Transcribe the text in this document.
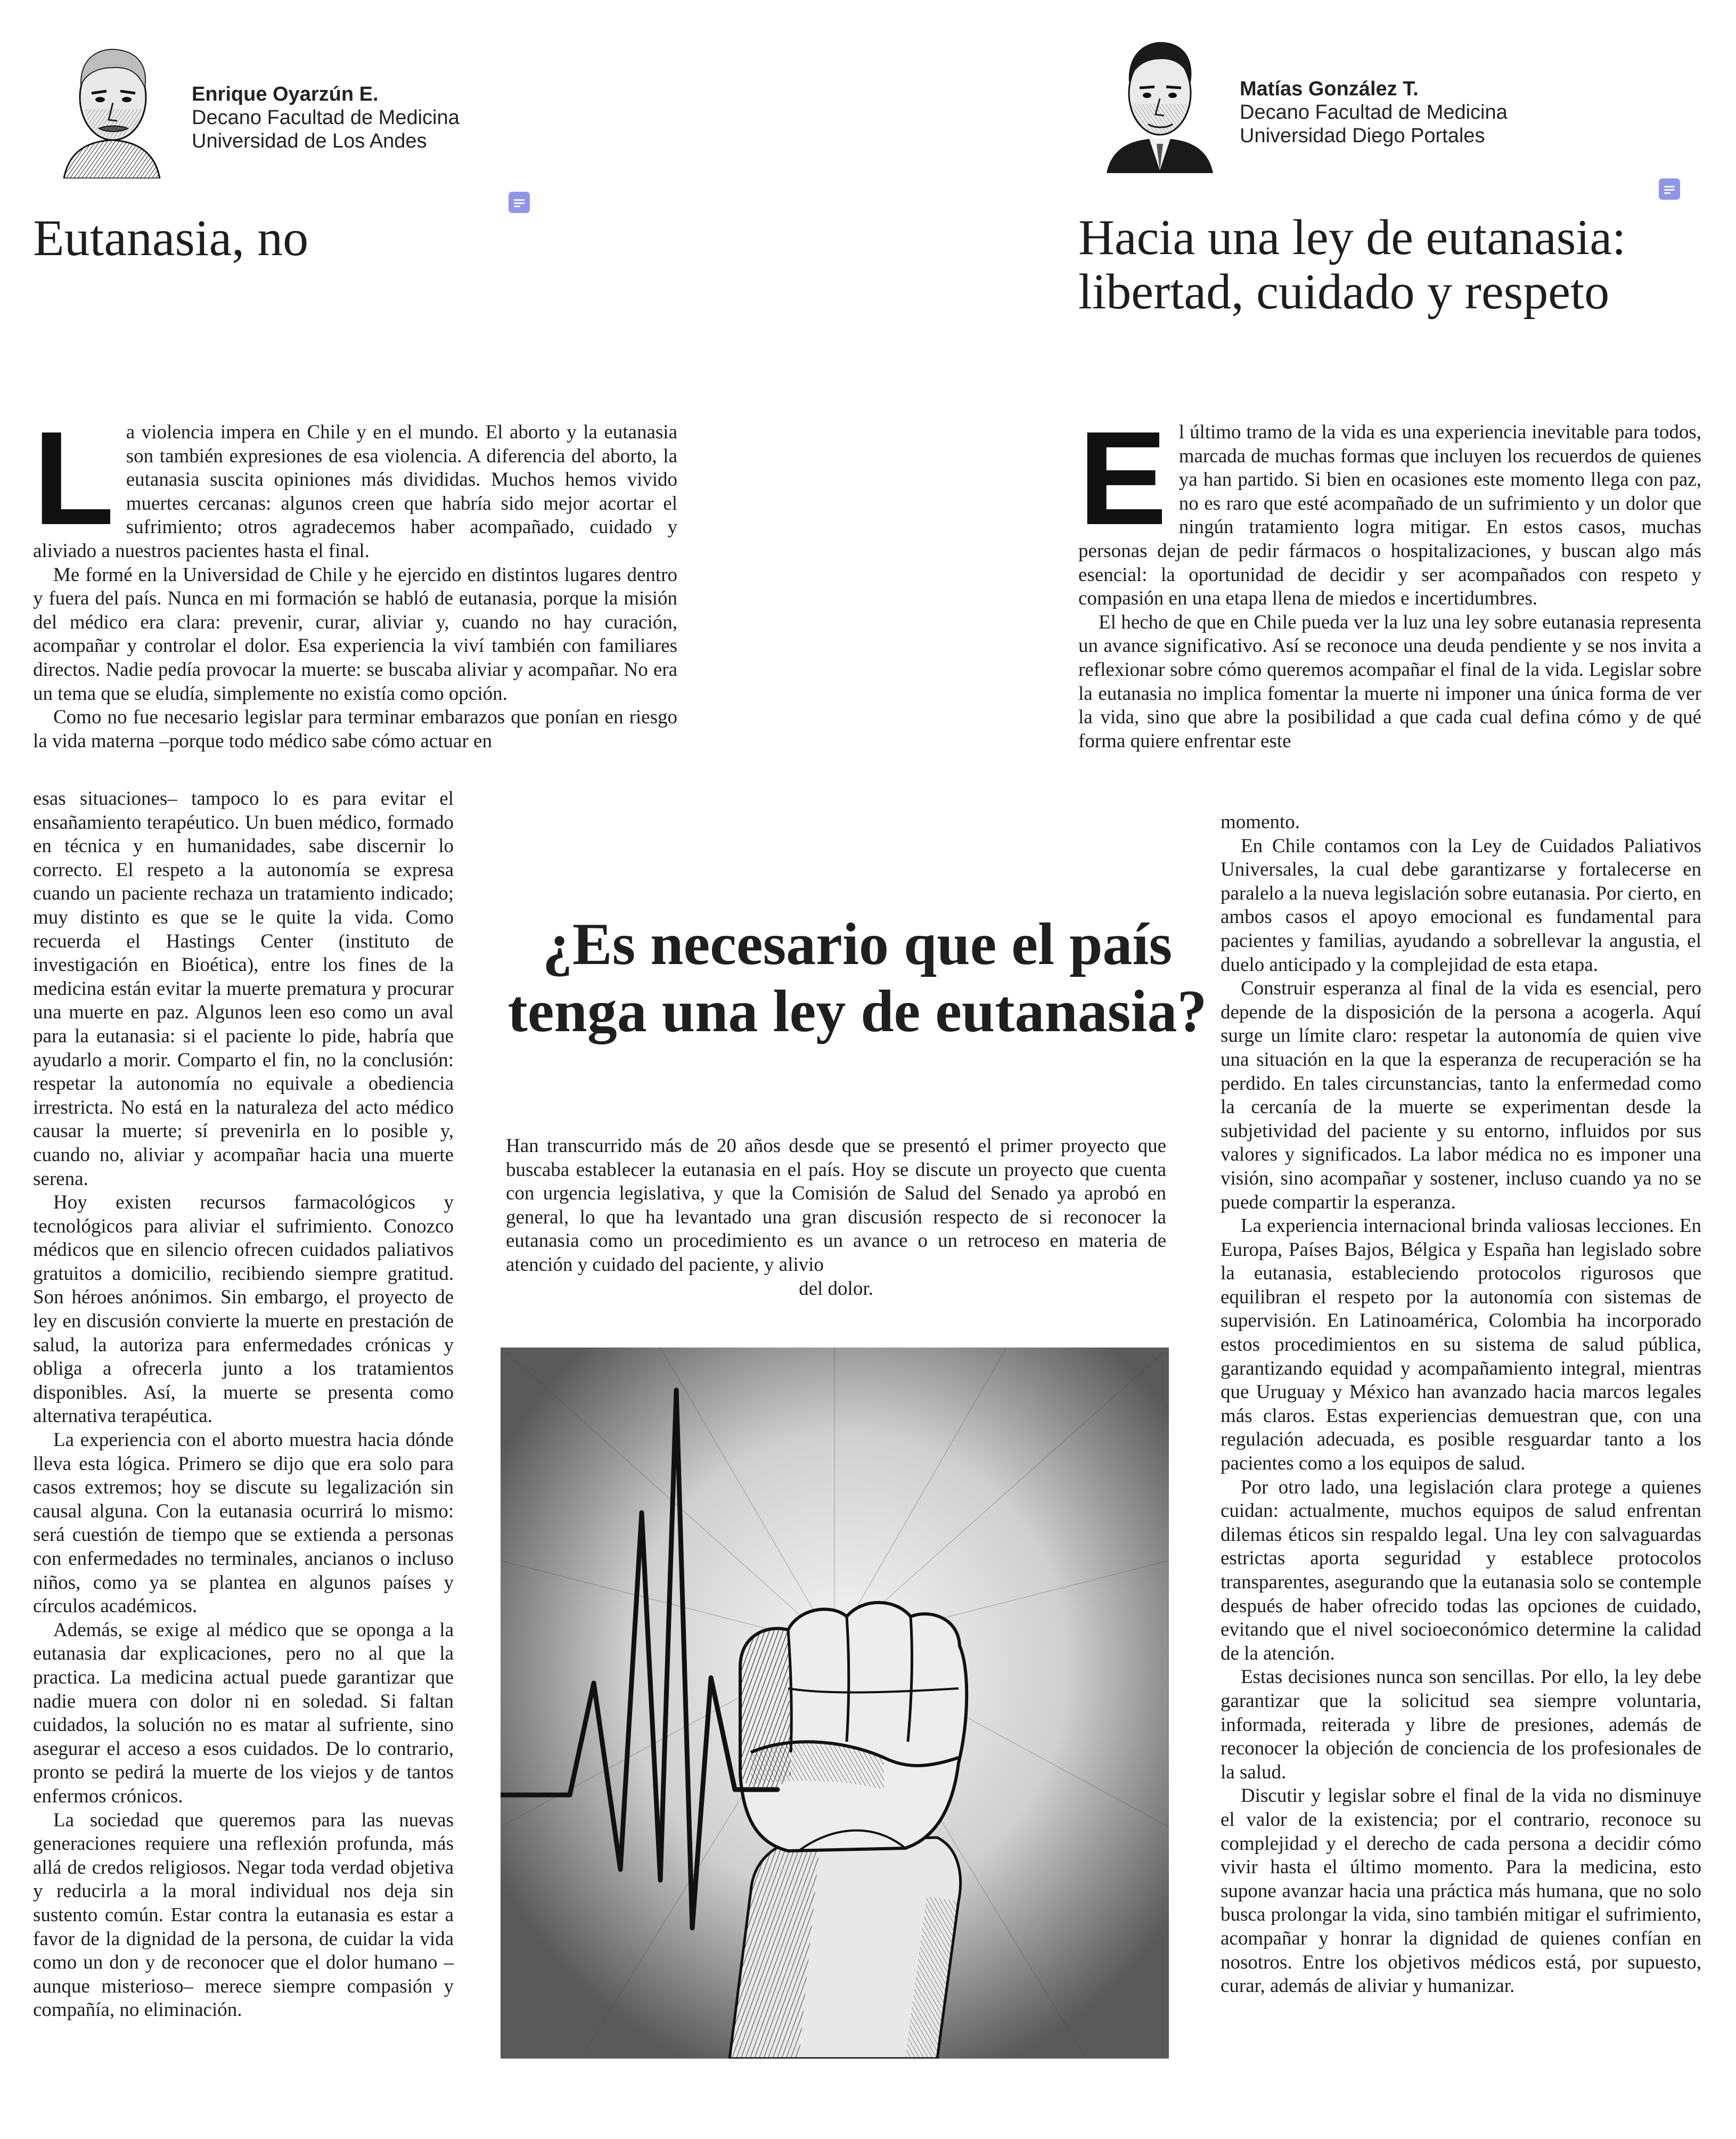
Enrique Oyarzún E.
Decano Facultad de Medicina
Universidad de Los Andes
Eutanasia, no

La violencia impera en Chile y en el mundo. El aborto y la eutanasia son también expresiones de esa violencia. A diferencia del aborto, la eutanasia suscita opiniones más divididas. Muchos hemos vivido muertes cercanas: algunos creen que habría sido mejor acortar el sufrimiento; otros agradecemos haber acompañado, cuidado y aliviado a nuestros pacientes hasta el final.

Me formé en la Universidad de Chile y he ejercido en distintos lugares dentro y fuera del país. Nunca en mi formación se habló de eutanasia, porque la misión del médico era clara: prevenir, curar, aliviar y, cuando no hay curación, acompañar y controlar el dolor. Esa experiencia la viví también con familiares directos. Nadie pedía provocar la muerte: se buscaba aliviar y acompañar. No era un tema que se eludía, simplemente no existía como opción.

Como no fue necesario legislar para terminar embarazos que ponían en riesgo la vida materna –porque todo médico sabe cómo actuar en

esas situaciones– tampoco lo es para evitar el ensañamiento terapéutico. Un buen médico, formado en técnica y en humanidades, sabe discernir lo correcto. El respeto a la autonomía se expresa cuando un paciente rechaza un tratamiento indicado; muy distinto es que se le quite la vida. Como recuerda el Hastings Center (instituto de investigación en Bioética), entre los fines de la medicina están evitar la muerte prematura y procurar una muerte en paz. Algunos leen eso como un aval para la eutanasia: si el paciente lo pide, habría que ayudarlo a morir. Comparto el fin, no la conclusión: respetar la autonomía no equivale a obediencia irrestricta. No está en la naturaleza del acto médico causar la muerte; sí prevenirla en lo posible y, cuando no, aliviar y acompañar hacia una muerte serena.

Hoy existen recursos farmacológicos y tecnológicos para aliviar el sufrimiento. Conozco médicos que en silencio ofrecen cuidados paliativos gratuitos a domicilio, recibiendo siempre gratitud. Son héroes anónimos. Sin embargo, el proyecto de ley en discusión convierte la muerte en prestación de salud, la autoriza para enfermedades crónicas y obliga a ofrecerla junto a los tratamientos disponibles. Así, la muerte se presenta como alternativa terapéutica.

La experiencia con el aborto muestra hacia dónde lleva esta lógica. Primero se dijo que era solo para casos extremos; hoy se discute su legalización sin causal alguna. Con la eutanasia ocurrirá lo mismo: será cuestión de tiempo que se extienda a personas con enfermedades no terminales, ancianos o incluso niños, como ya se plantea en algunos países y círculos académicos.

Además, se exige al médico que se oponga a la eutanasia dar explicaciones, pero no al que la practica. La medicina actual puede garantizar que nadie muera con dolor ni en soledad. Si faltan cuidados, la solución no es matar al sufriente, sino asegurar el acceso a esos cuidados. De lo contrario, pronto se pedirá la muerte de los viejos y de tantos enfermos crónicos.

La sociedad que queremos para las nuevas generaciones requiere una reflexión profunda, más allá de credos religiosos. Negar toda verdad objetiva y reducirla a la moral individual nos deja sin sustento común. Estar contra la eutanasia es estar a favor de la dignidad de la persona, de cuidar la vida como un don y de reconocer que el dolor humano –aunque misterioso– merece siempre compasión y compañía, no eliminación.

Matías González T.
Decano Facultad de Medicina
Universidad Diego Portales
Hacia una ley de eutanasia: libertad, cuidado y respeto

El último tramo de la vida es una experiencia inevitable para todos, marcada de muchas formas que incluyen los recuerdos de quienes ya han partido. Si bien en ocasiones este momento llega con paz, no es raro que esté acompañado de un sufrimiento y un dolor que ningún tratamiento logra mitigar. En estos casos, muchas personas dejan de pedir fármacos o hospitalizaciones, y buscan algo más esencial: la oportunidad de decidir y ser acompañados con respeto y compasión en una etapa llena de miedos e incertidumbres.

El hecho de que en Chile pueda ver la luz una ley sobre eutanasia representa un avance significativo. Así se reconoce una deuda pendiente y se nos invita a reflexionar sobre cómo queremos acompañar el final de la vida. Legislar sobre la eutanasia no implica fomentar la muerte ni imponer una única forma de ver la vida, sino que abre la posibilidad a que cada cual defina cómo y de qué forma quiere enfrentar este

momento.

En Chile contamos con la Ley de Cuidados Paliativos Universales, la cual debe garantizarse y fortalecerse en paralelo a la nueva legislación sobre eutanasia. Por cierto, en ambos casos el apoyo emocional es fundamental para pacientes y familias, ayudando a sobrellevar la angustia, el duelo anticipado y la complejidad de esta etapa.

Construir esperanza al final de la vida es esencial, pero depende de la disposición de la persona a acogerla. Aquí surge un límite claro: respetar la autonomía de quien vive una situación en la que la esperanza de recuperación se ha perdido. En tales circunstancias, tanto la enfermedad como la cercanía de la muerte se experimentan desde la subjetividad del paciente y su entorno, influidos por sus valores y significados. La labor médica no es imponer una visión, sino acompañar y sostener, incluso cuando ya no se puede compartir la esperanza.

La experiencia internacional brinda valiosas lecciones. En Europa, Países Bajos, Bélgica y España han legislado sobre la eutanasia, estableciendo protocolos rigurosos que equilibran el respeto por la autonomía con sistemas de supervisión. En Latinoamérica, Colombia ha incorporado estos procedimientos en su sistema de salud pública, garantizando equidad y acompañamiento integral, mientras que Uruguay y México han avanzado hacia marcos legales más claros. Estas experiencias demuestran que, con una regulación adecuada, es posible resguardar tanto a los pacientes como a los equipos de salud.

Por otro lado, una legislación clara protege a quienes cuidan: actualmente, muchos equipos de salud enfrentan dilemas éticos sin respaldo legal. Una ley con salvaguardas estrictas aporta seguridad y establece protocolos transparentes, asegurando que la eutanasia solo se contemple después de haber ofrecido todas las opciones de cuidado, evitando que el nivel socioeconómico determine la calidad de la atención.

Estas decisiones nunca son sencillas. Por ello, la ley debe garantizar que la solicitud sea siempre voluntaria, informada, reiterada y libre de presiones, además de reconocer la objeción de conciencia de los profesionales de la salud.

Discutir y legislar sobre el final de la vida no disminuye el valor de la existencia; por el contrario, reconoce su complejidad y el derecho de cada persona a decidir cómo vivir hasta el último momento. Para la medicina, esto supone avanzar hacia una práctica más humana, que no solo busca prolongar la vida, sino también mitigar el sufrimiento, acompañar y honrar la dignidad de quienes confían en nosotros. Entre los objetivos médicos está, por supuesto, curar, además de aliviar y humanizar.

¿Es necesario que el país tenga una ley de eutanasia?
Han transcurrido más de 20 años desde que se presentó el primer proyecto que buscaba establecer la eutanasia en el país. Hoy se discute un proyecto que cuenta con urgencia legislativa, y que la Comisión de Salud del Senado ya aprobó en general, lo que ha levantado una gran discusión respecto de si reconocer la eutanasia como un procedimiento es un avance o un retroceso en materia de atención y cuidado del paciente, y alivio
del dolor.
